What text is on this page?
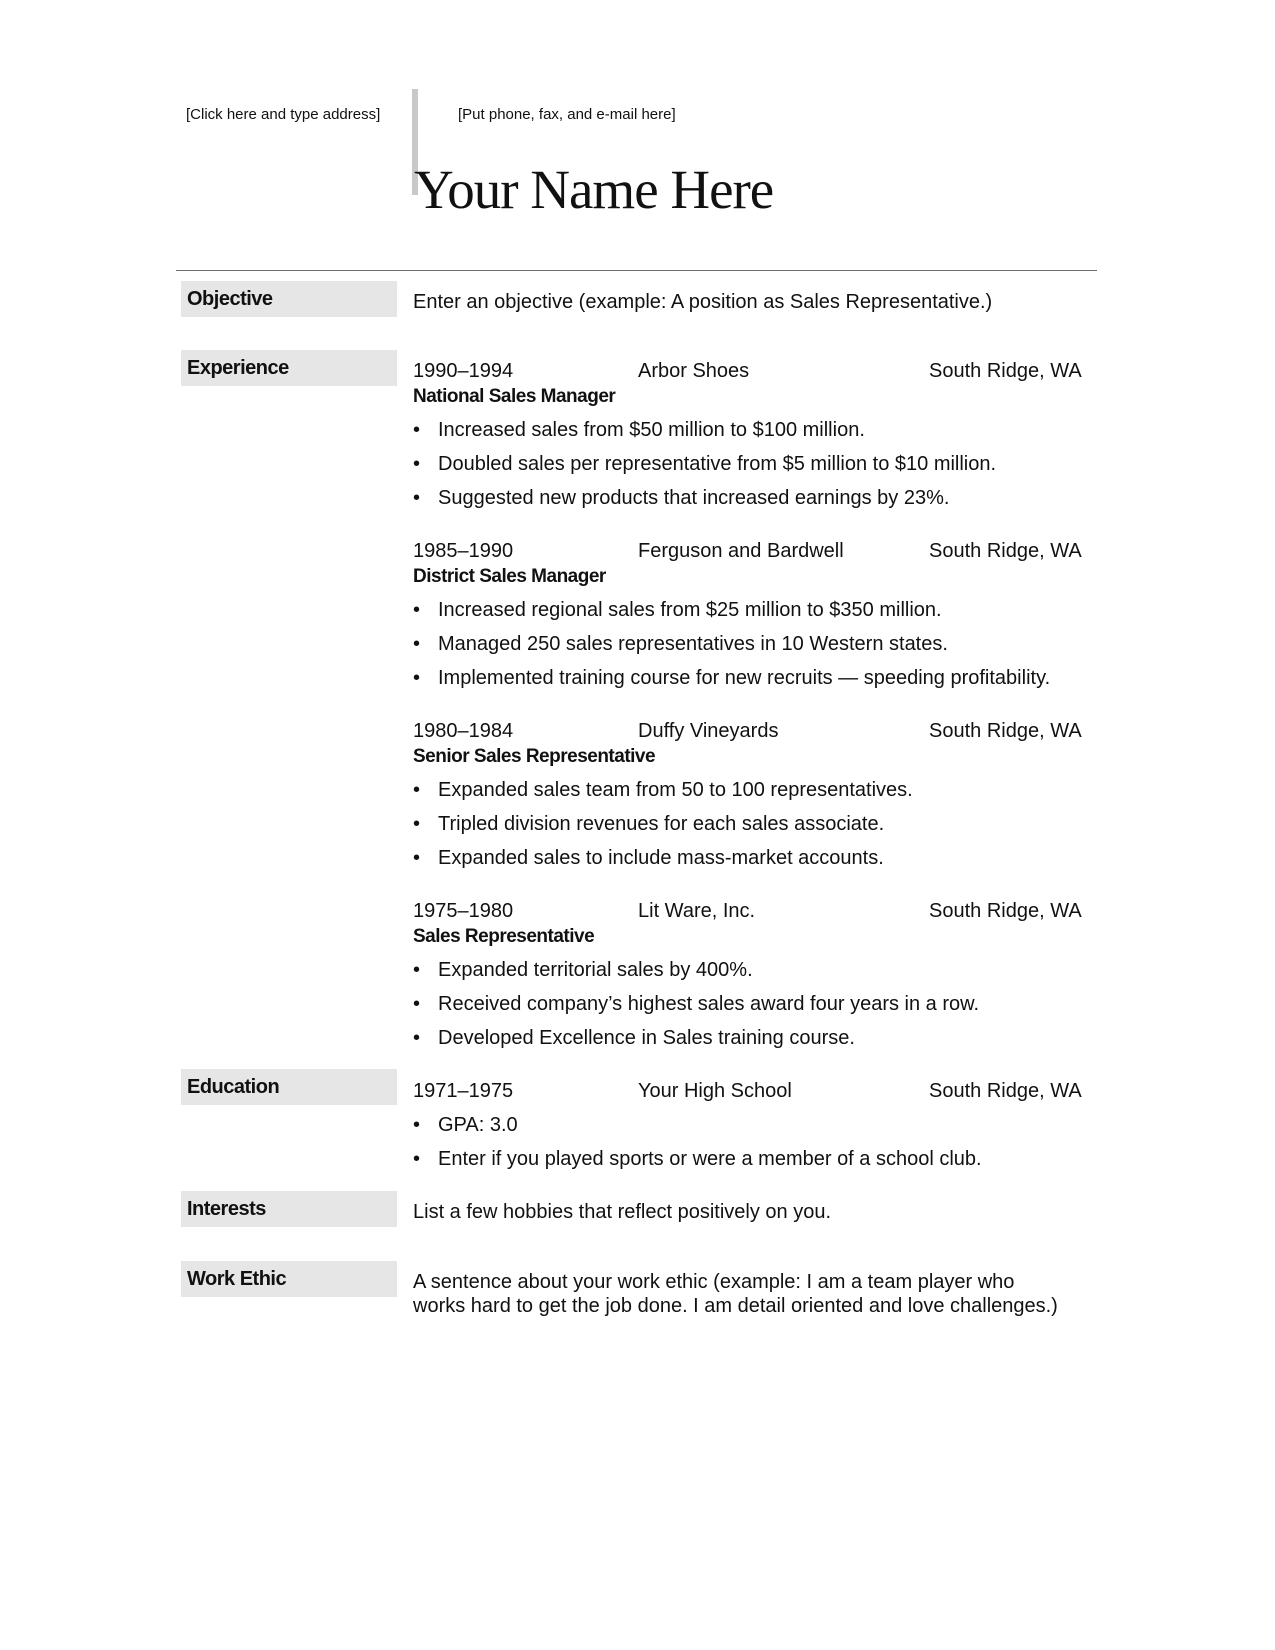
[Click here and type address]	[Put phone, fax, and e-mail here]
Your Name Here
Objective	Enter an objective (example: A position as Sales Representative.)
Experience	1990–1994	Arbor Shoes	South Ridge, WA
National Sales Manager
• Increased sales from $50 million to $100 million.
• Doubled sales per representative from $5 million to $10 million.
• Suggested new products that increased earnings by 23%.
1985–1990	Ferguson and Bardwell	South Ridge, WA
District Sales Manager
• Increased regional sales from $25 million to $350 million.
• Managed 250 sales representatives in 10 Western states.
• Implemented training course for new recruits — speeding profitability.
1980–1984	Duffy Vineyards	South Ridge, WA
Senior Sales Representative
• Expanded sales team from 50 to 100 representatives.
• Tripled division revenues for each sales associate.
• Expanded sales to include mass-market accounts.
1975–1980	Lit Ware, Inc.	South Ridge, WA
Sales Representative
• Expanded territorial sales by 400%.
• Received company’s highest sales award four years in a row.
• Developed Excellence in Sales training course.
Education	1971–1975	Your High School	South Ridge, WA
• GPA: 3.0
• Enter if you played sports or were a member of a school club.
Interests	List a few hobbies that reflect positively on you.
Work Ethic	A sentence about your work ethic (example: I am a team player who
works hard to get the job done. I am detail oriented and love challenges.)
